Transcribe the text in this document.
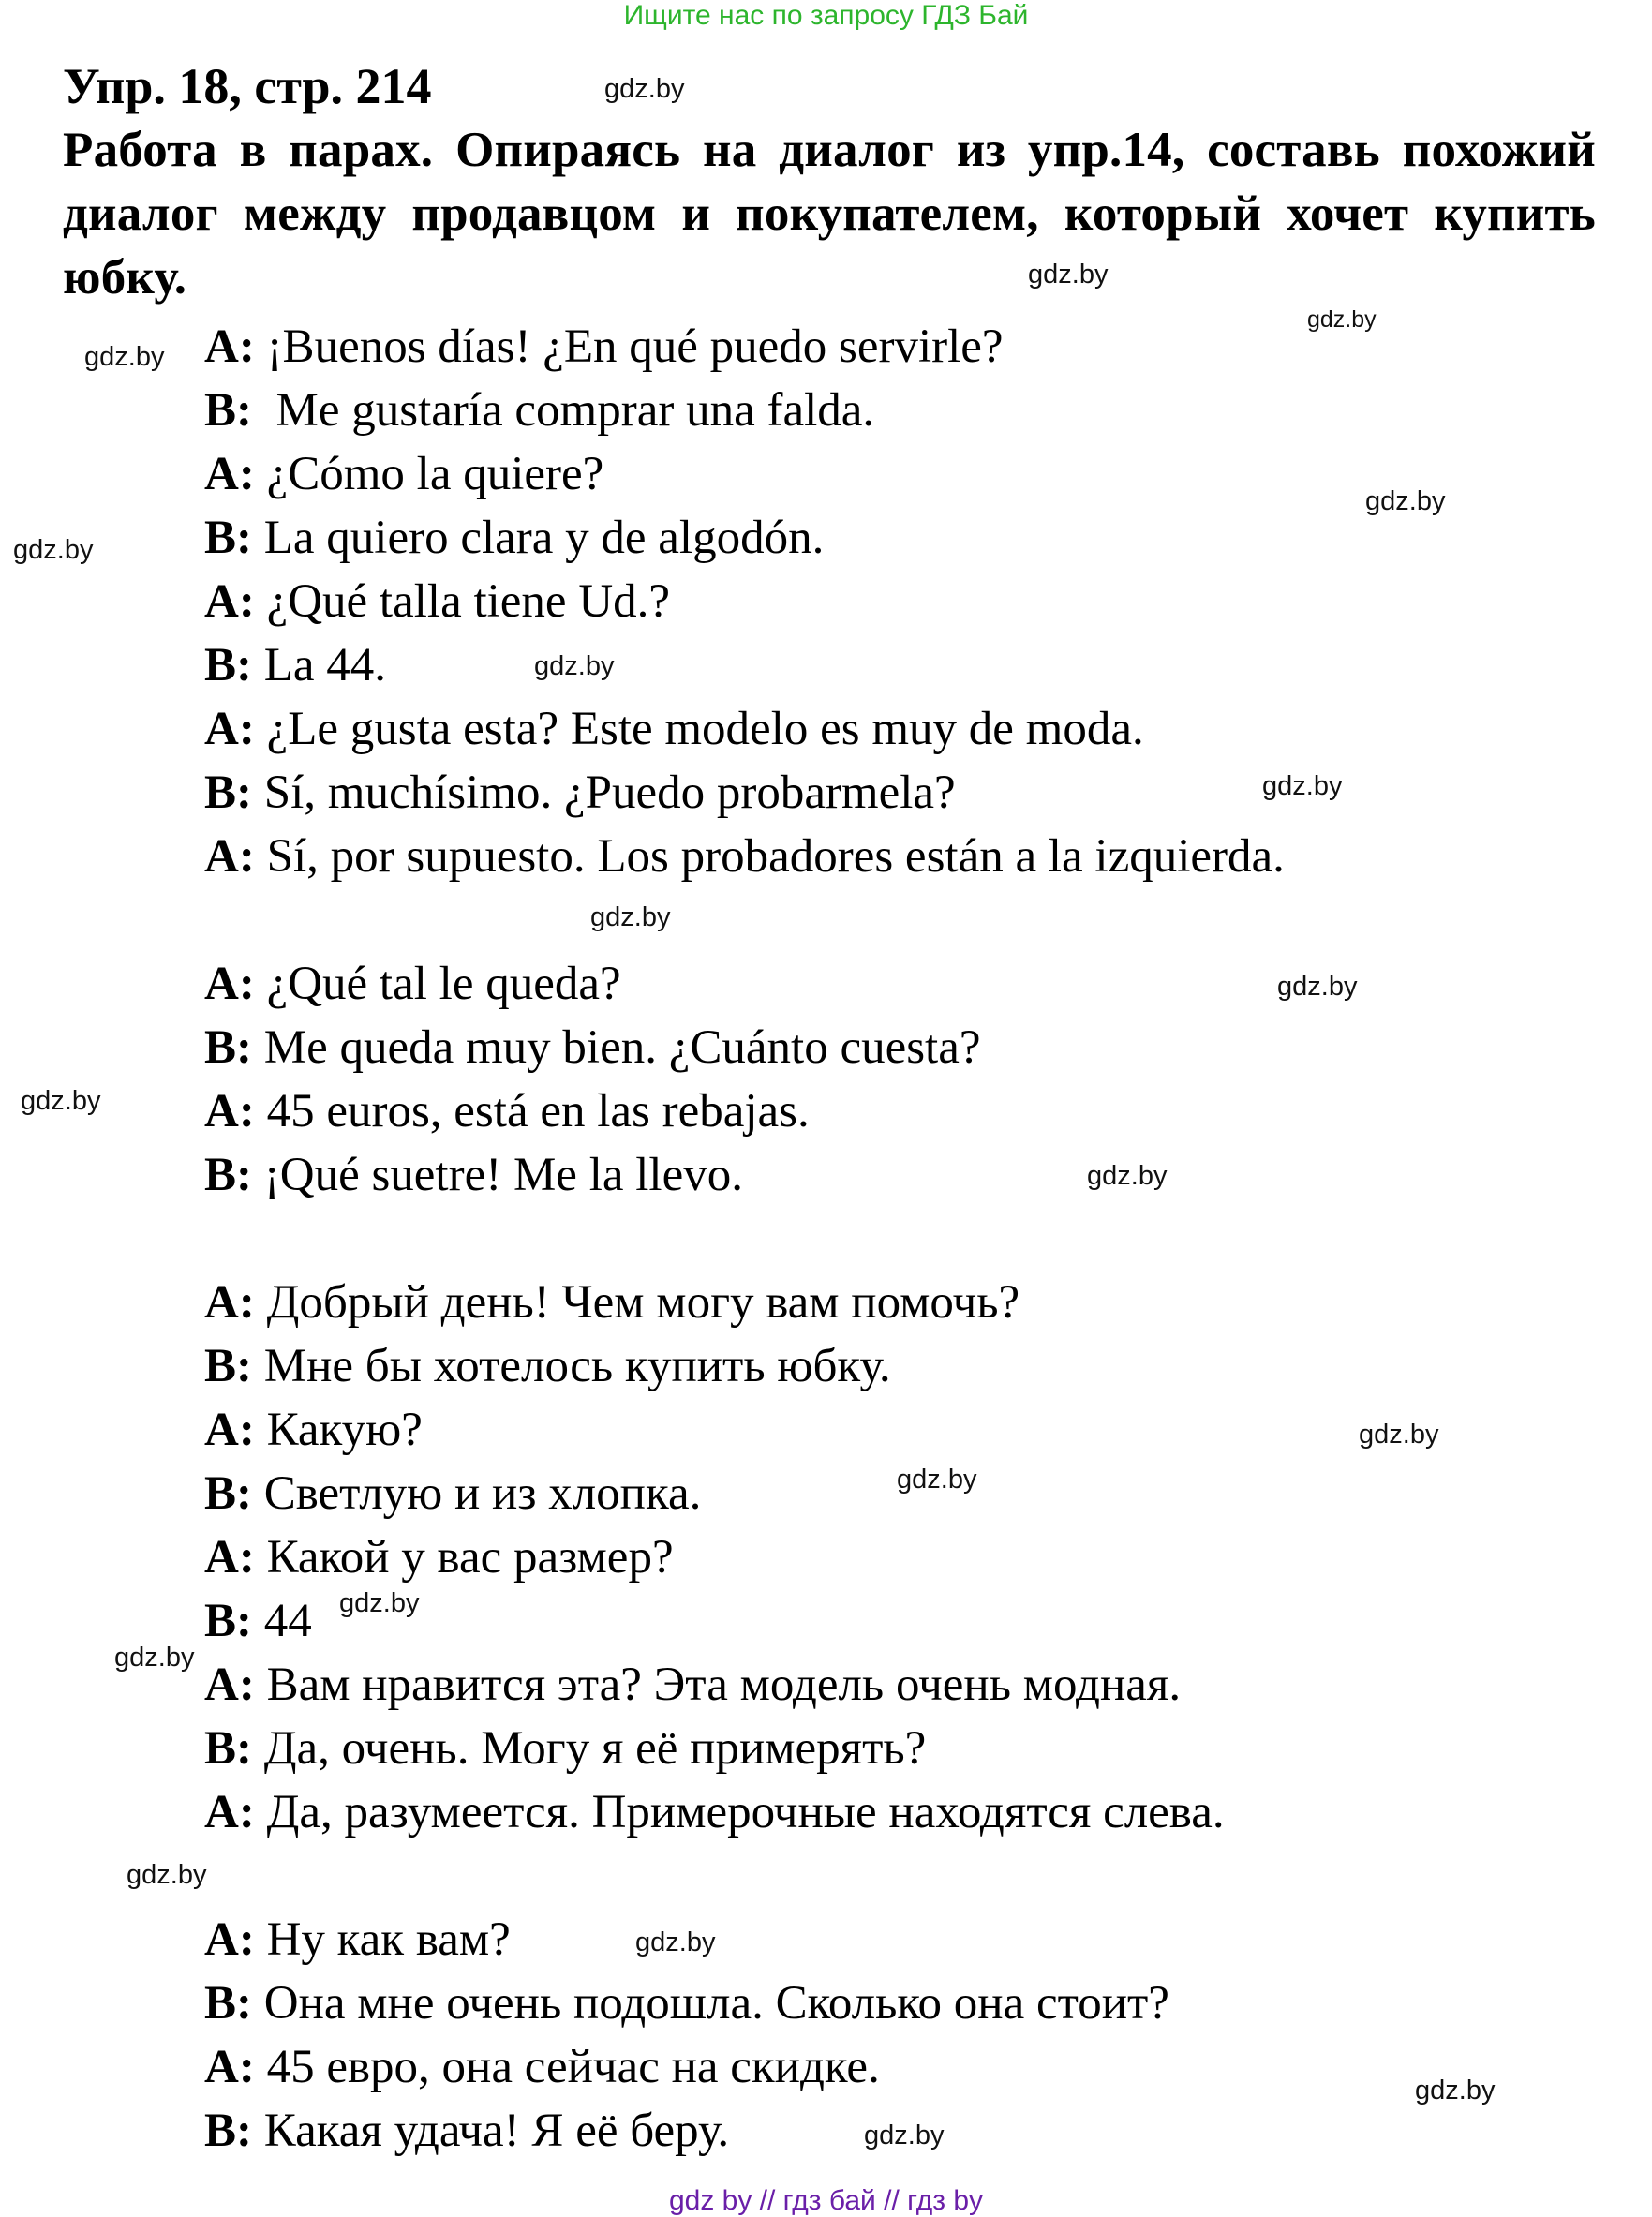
Ищите нас по запросу ГДЗ Бай
Упр. 18, стр. 214
Работа в парах. Опираясь на диалог из упр.14, составь похожий диалог между продавцом и покупателем, который хочет купить юбку.
A: ¡Buenos días! ¿En qué puedo servirle?
B:  Me gustaría comprar una falda.
A: ¿Cómo la quiere?
B: La quiero clara y de algodón.
A: ¿Qué talla tiene Ud.?
B: La 44.
A: ¿Le gusta esta? Este modelo es muy de moda.
B: Sí, muchísimo. ¿Puedo probarmela?
A: Sí, por supuesto. Los probadores están a la izquierda.
A: ¿Qué tal le queda?
B: Me queda muy bien. ¿Cuánto cuesta?
A: 45 euros, está en las rebajas.
B: ¡Qué suetre! Me la llevo.
A: Добрый день! Чем могу вам помочь?
B: Мне бы хотелось купить юбку.
A: Какую?
B: Светлую и из хлопка.
A: Какой у вас размер?
B: 44
A: Вам нравится эта? Эта модель очень модная.
B: Да, очень. Могу я её примерять?
A: Да, разумеется. Примерочные находятся слева.
A: Ну как вам?
B: Она мне очень подошла. Сколько она стоит?
A: 45 евро, она сейчас на скидке.
B: Какая удача! Я её беру.
gdz.by
gdz.by
gdz.by
gdz.by
gdz.by
gdz.by
gdz.by
gdz.by
gdz.by
gdz.by
gdz.by
gdz.by
gdz.by
gdz.by
gdz.by
gdz.by
gdz.by
gdz.by
gdz.by
gdz.by
gdz by // гдз бай // гдз by
